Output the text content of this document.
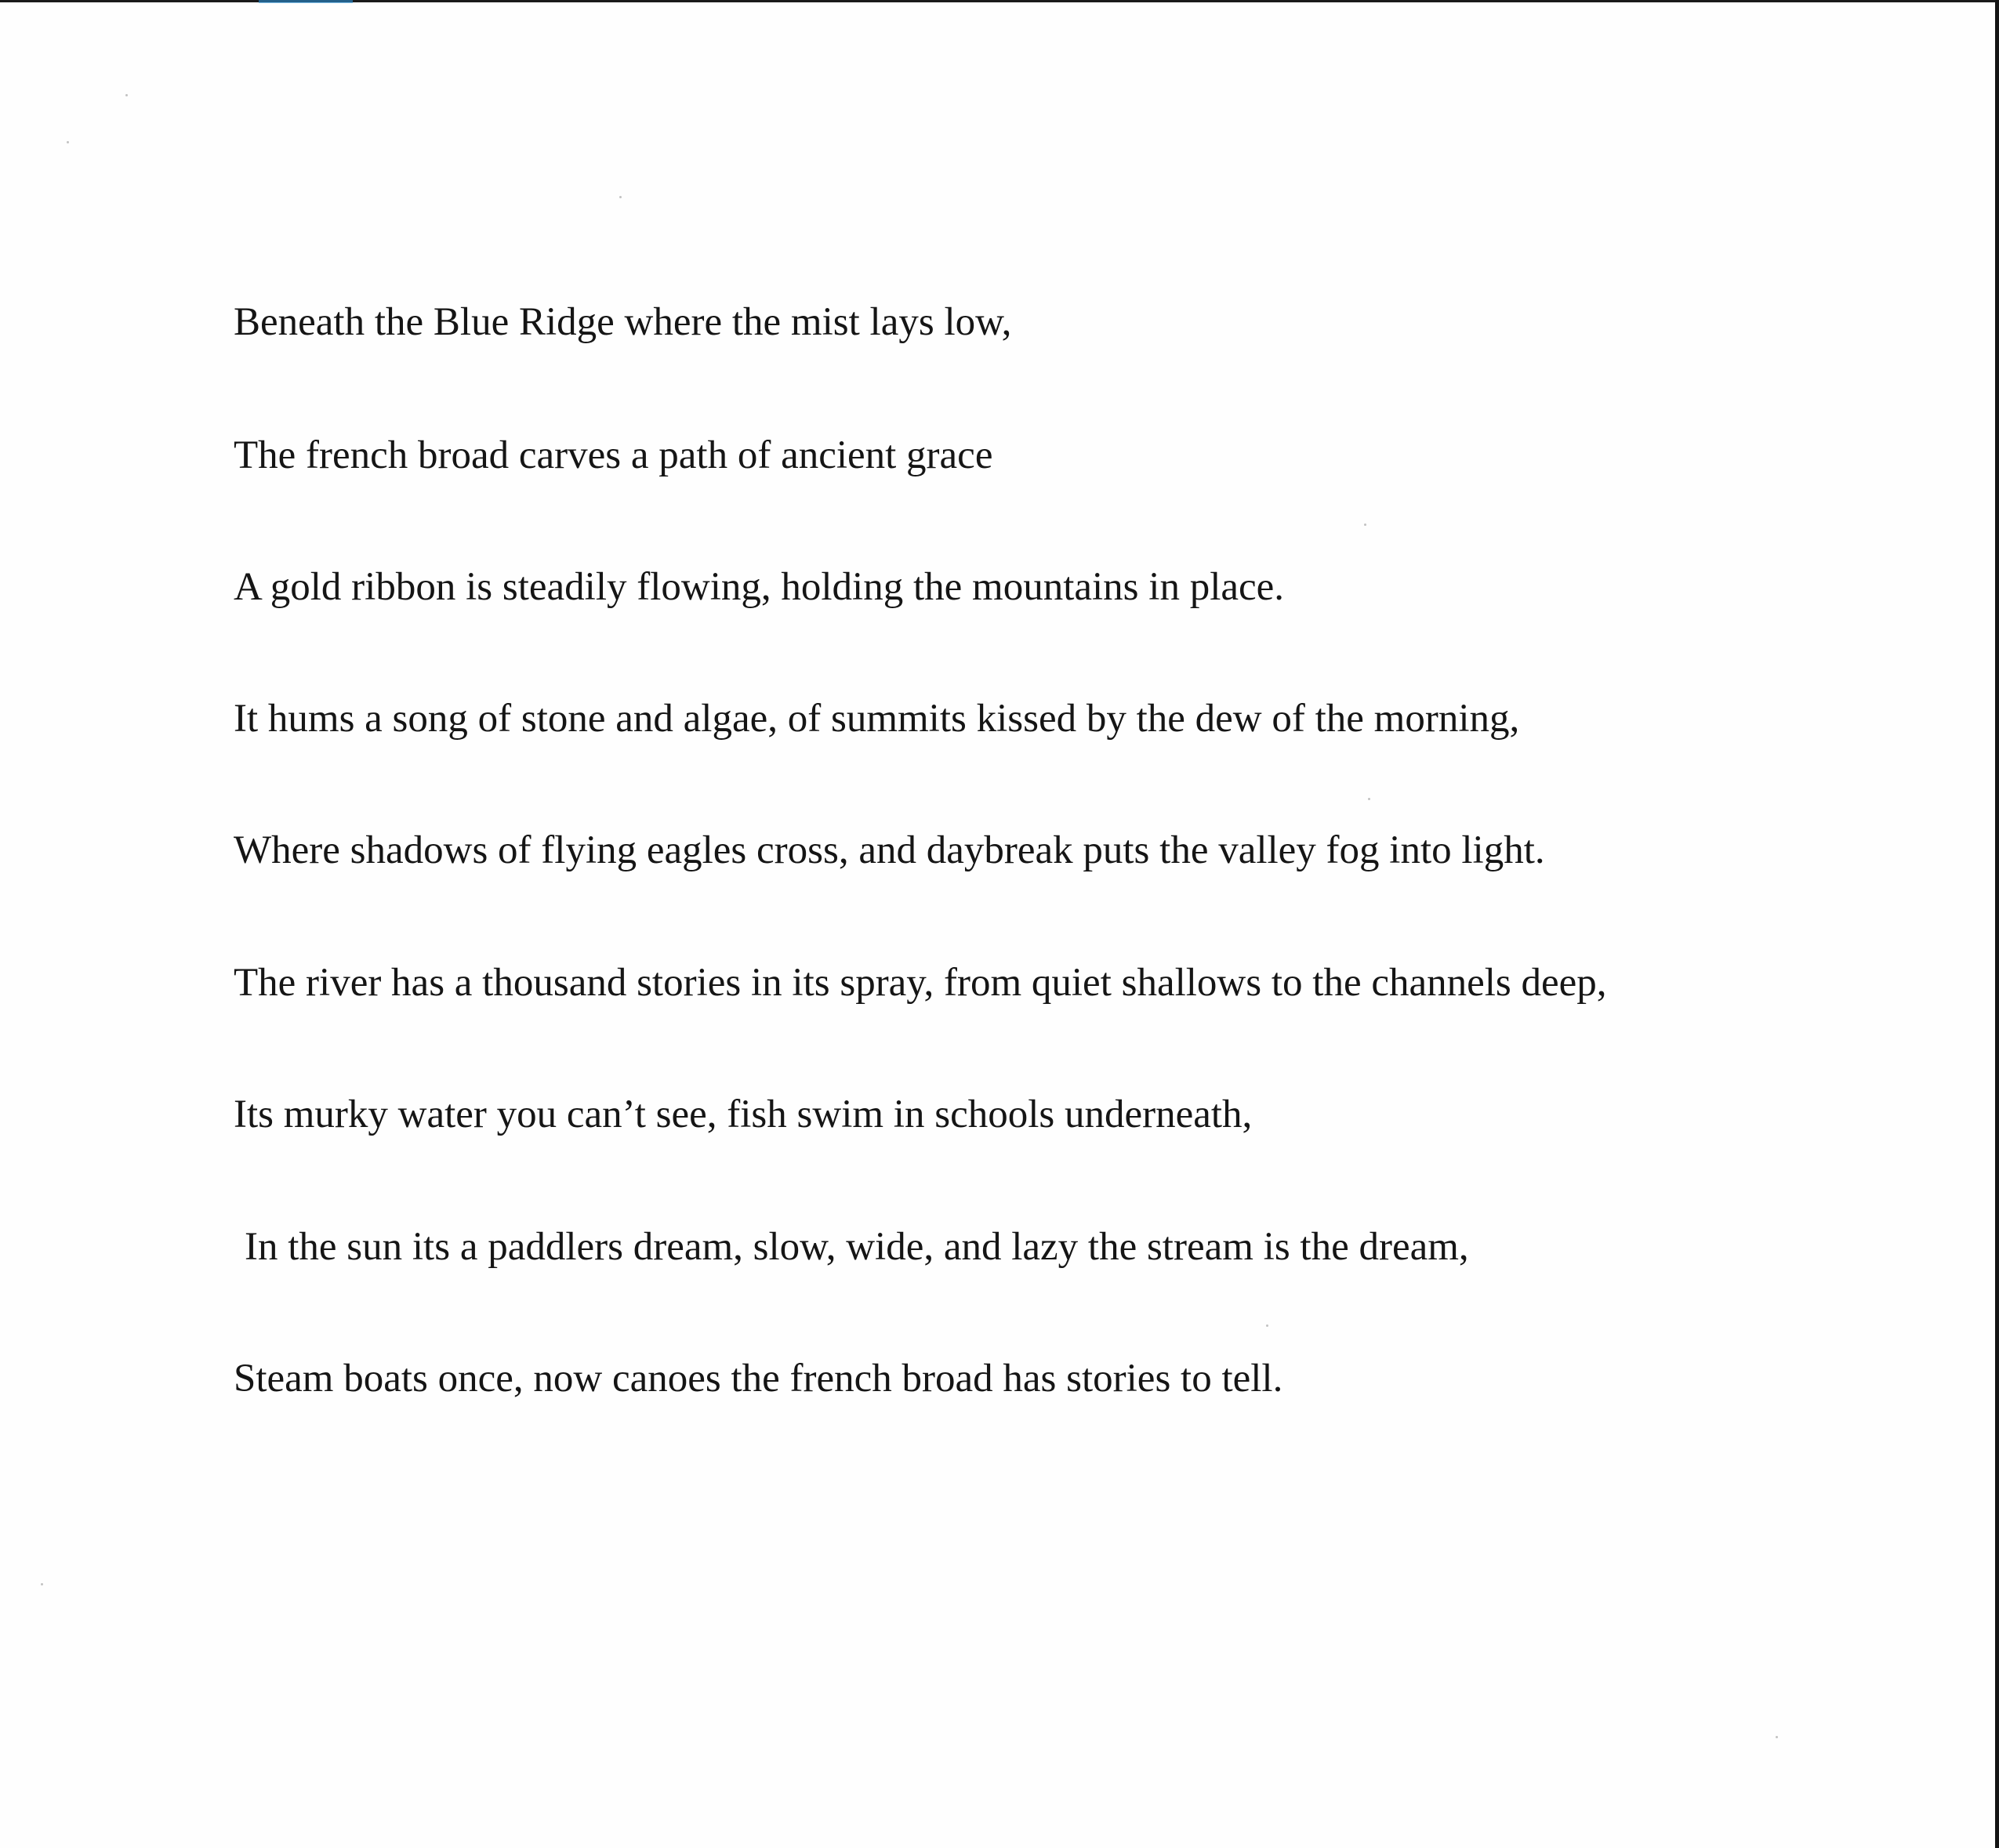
Beneath the Blue Ridge where the mist lays low,
The french broad carves a path of ancient grace
A gold ribbon is steadily flowing, holding the mountains in place.
It hums a song of stone and algae, of summits kissed by the dew of the morning,
Where shadows of flying eagles cross, and daybreak puts the valley fog into light.
The river has a thousand stories in its spray, from quiet shallows to the channels deep,
Its murky water you can’t see, fish swim in schools underneath,
In the sun its a paddlers dream, slow, wide, and lazy the stream is the dream,
Steam boats once, now canoes the french broad has stories to tell.
